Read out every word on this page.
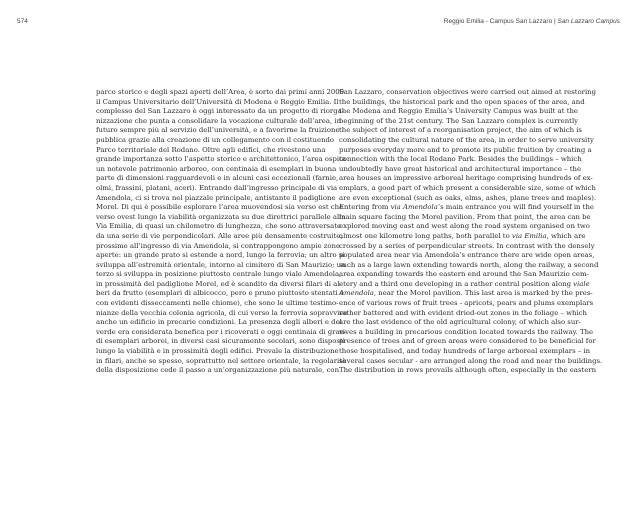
574	Reggio Emilia - Campus San Lazzaro | San Lazzaro Campus
parco storico e degli spazi aperti dell’Area, è sorto dai primi anni 2000
il Campus Universitario dell’Università di Modena e Reggio Emilia. Il
complesso del San Lazzaro è oggi interessato da un progetto di riorga-
nizzazione che punta a consolidare la vocazione culturale dell’area, in
futuro sempre più al servizio dell’università, e a favorirne la fruizione
pubblica grazie alla creazione di un collegamento con il costituendo
Parco territoriale del Rodano. Oltre agli edifici, che rivestono una
grande importanza sotto l’aspetto storico e architettonico, l’area ospita
un notevole patrimonio arboreo, con centinaia di esemplari in buona
parte di dimensioni ragguardevoli e in alcuni casi eccezionali (farnie,
olmi, frassini, platani, aceri). Entrando dall’ingresso principale di via
Amendola, ci si trova nel piazzale principale, antistante il padiglione
Morel. Di qui è possibile esplorare l’area muovendosi sia verso est che
verso ovest lungo la viabilità organizzata su due direttrici parallele alla
Via Emilia, di quasi un chilometro di lunghezza, che sono attraversate
da una serie di vie perpendicolari. Alle aree più densamente costruite,
prossime all’ingresso di via Amendola, si contrappongono ampie zone
aperte: un grande prato si estende a nord, lungo la ferrovia; un altro si
sviluppa all’estremità orientale, intorno al cimitero di San Maurizio; un
terzo si sviluppa in posizione piuttosto centrale lungo viale Amendola,
in prossimità del padiglione Morel, ed è scandito da diversi filari di al-
beri da frutto (esemplari di albicocco, pero e pruno piuttosto stentati e
con evidenti disseccamenti nelle chiome), che sono le ultime testimo-
nianze della vecchia colonia agricola, di cui verso la ferrovia sopravvive
anche un edificio in precarie condizioni. La presenza degli alberi e del
verde era considerata benefica per i ricoverati e oggi centinaia di gran-
di esemplari arborei, in diversi casi sicuramente secolari, sono disposti
lungo la viabilità e in prossimità degli edifici. Prevale la distribuzione
in filari, anche se spesso, soprattutto nel settore orientale, la regolarità
della disposizione cede il passo a un’organizzazione più naturale, con
San Lazzaro, conservation objectives were carried out aimed at restoring
the buildings, the historical park and the open spaces of the area, and
the Modena and Reggio Emilia’s University Campus was built at the
beginning of the 21st century. The San Lazzaro complex is currently
the subject of interest of a reorganisation project, the aim of which is
consolidating the cultural nature of the area, in order to serve university
purposes everyday more and to promote its public fruition by creating a
connection with the local Rodano Park. Besides the buildings – which
undoubtedly have great historical and architectural importance – the
area houses an impressive arboreal heritage comprising hundreds of ex-
emplars, a good part of which present a considerable size, some of which
are even exceptional (such as oaks, elms, ashes, plane trees and maples).
Entering from via Amendola’s main entrance you will find yourself in the
main square facing the Morel pavilion. From that point, the area can be
explored moving east and west along the road system organised on two
almost one kilometre long paths, both parallel to via Emilia, which are
crossed by a series of perpendicular streets. In contrast with the densely
populated area near via Amendola’s entrance there are wide open areas,
such as a large lawn extending towards north, along the railway, a second
area expanding towards the eastern end around the San Maurizio cem-
etery and a third one developing in a rather central position along viale
Amendola, near the Morel pavilion. This last area is marked by the pres-
ence of various rows of fruit trees - apricots, pears and plums exemplars
rather battered and with evident dried-out zones in the foliage – which
are the last evidence of the old agricultural colony, of which also sur-
vives a building in precarious condition located towards the railway. The
presence of trees and of green areas were considered to be beneficial for
those hospitalised, and today hundreds of large arboreal exemplars – in
several cases secular - are arranged along the road and near the buildings.
The distribution in rows prevails although often, especially in the eastern
